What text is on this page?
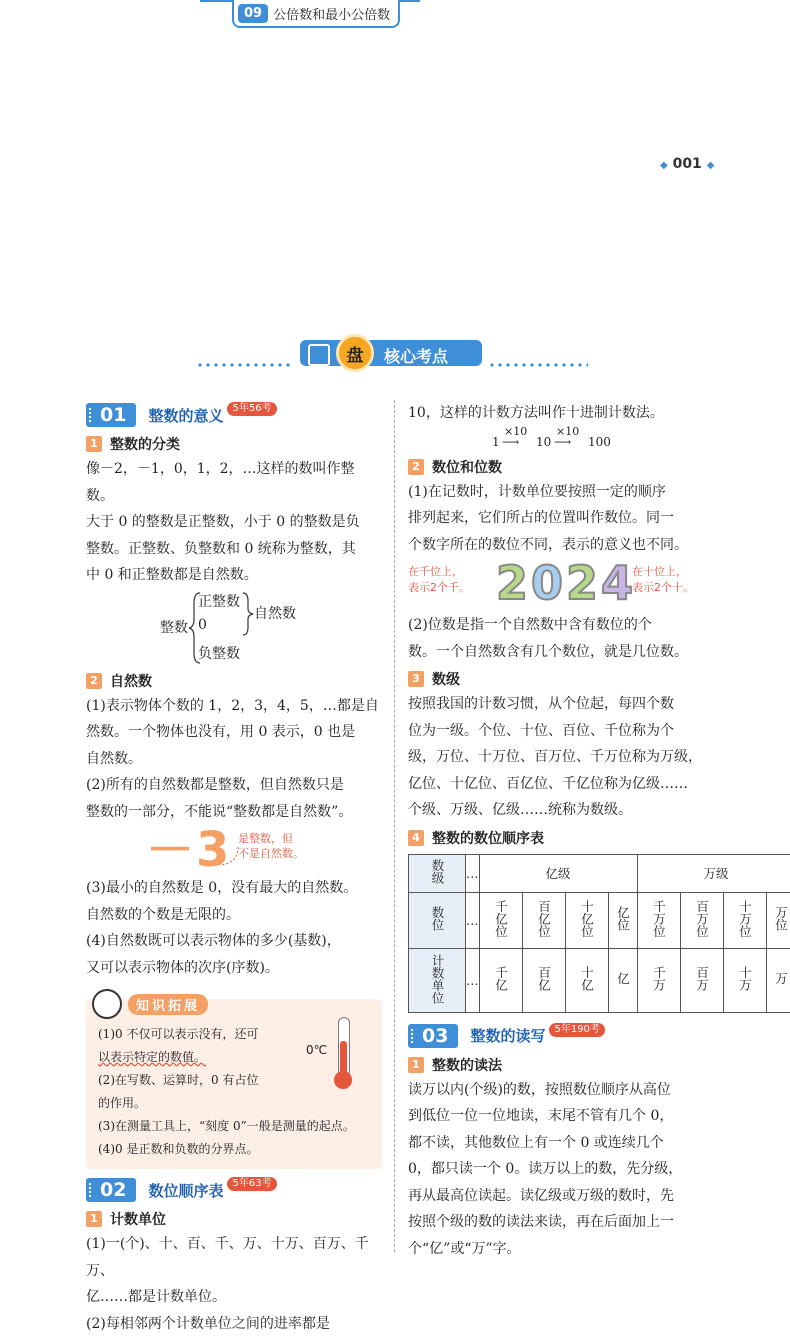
09 公倍数和最小公倍数
◆ 001 ◆
盘	核心考点
01	整数的意义 5年56考
1 整数的分类

像－2，－1，0，1，2，…这样的数叫作整数。

大于 0 的整数是正整数，小于 0 的整数是负

整数。正整数、负整数和 0 统称为整数，其

中 0 和正整数都是自然数。

整数
正整数
0
负整数
自然数
2 自然数

(1)表示物体个数的 1，2，3，4，5，…都是自

然数。一个物体也没有，用 0 表示，0 也是

自然数。

(2)所有的自然数都是整数，但自然数只是

整数的一部分，不能说“整数都是自然数”。

－3 是整数，但
不是自然数。

(3)最小的自然数是 0，没有最大的自然数。

自然数的个数是无限的。

(4)自然数既可以表示物体的多少(基数)，

又可以表示物体的次序(序数)。

知识拓展

(1)0 不仅可以表示没有，还可

以表示特定的数值。

(2)在写数、运算时，0 有占位

的作用。

(3)在测量工具上，“刻度 0”一般是测量的起点。

(4)0 是正数和负数的分界点。

0℃
02	数位顺序表 5年63考
1 计数单位

(1)一(个)、十、百、千、万、十万、百万、千万、

亿……都是计数单位。

(2)每相邻两个计数单位之间的进率都是

10，这样的计数方法叫作十进制计数法。

1
×10
⟶ 10
×10
⟶ 100
2 数位和位数

(1)在记数时，计数单位要按照一定的顺序

排列起来，它们所占的位置叫作数位。同一

个数字所在的数位不同，表示的意义也不同。

在千位上，
表示2个千。 2024
在十位上，
表示2个十。

(2)位数是指一个自然数中含有数位的个

数。一个自然数含有几个数位，就是几位数。

3 数级

按照我国的计数习惯，从个位起，每四个数

位为一级。个位、十位、百位、千位称为个

级，万位、十万位、百万位、千万位称为万级，

亿位、十亿位、百亿位、千亿位称为亿级……

个级、万级、亿级……统称为数级。

4 整数的数位顺序表
数级	…	亿级				万级	
数位	…	千亿位	百亿位	十亿位	亿位	千万位	百万位	十万位	万位				
计数单位	…	千亿	百亿	十亿	亿	千万	百万	十万	万				
03	整数的读写 5年190考
1 整数的读法

读万以内(个级)的数，按照数位顺序从高位

到低位一位一位地读，末尾不管有几个 0，

都不读，其他数位上有一个 0 或连续几个

0，都只读一个 0。读万以上的数，先分级，

再从最高位读起。读亿级或万级的数时，先

按照个级的数的读法来读，再在后面加上一

个“亿”或“万”字。
